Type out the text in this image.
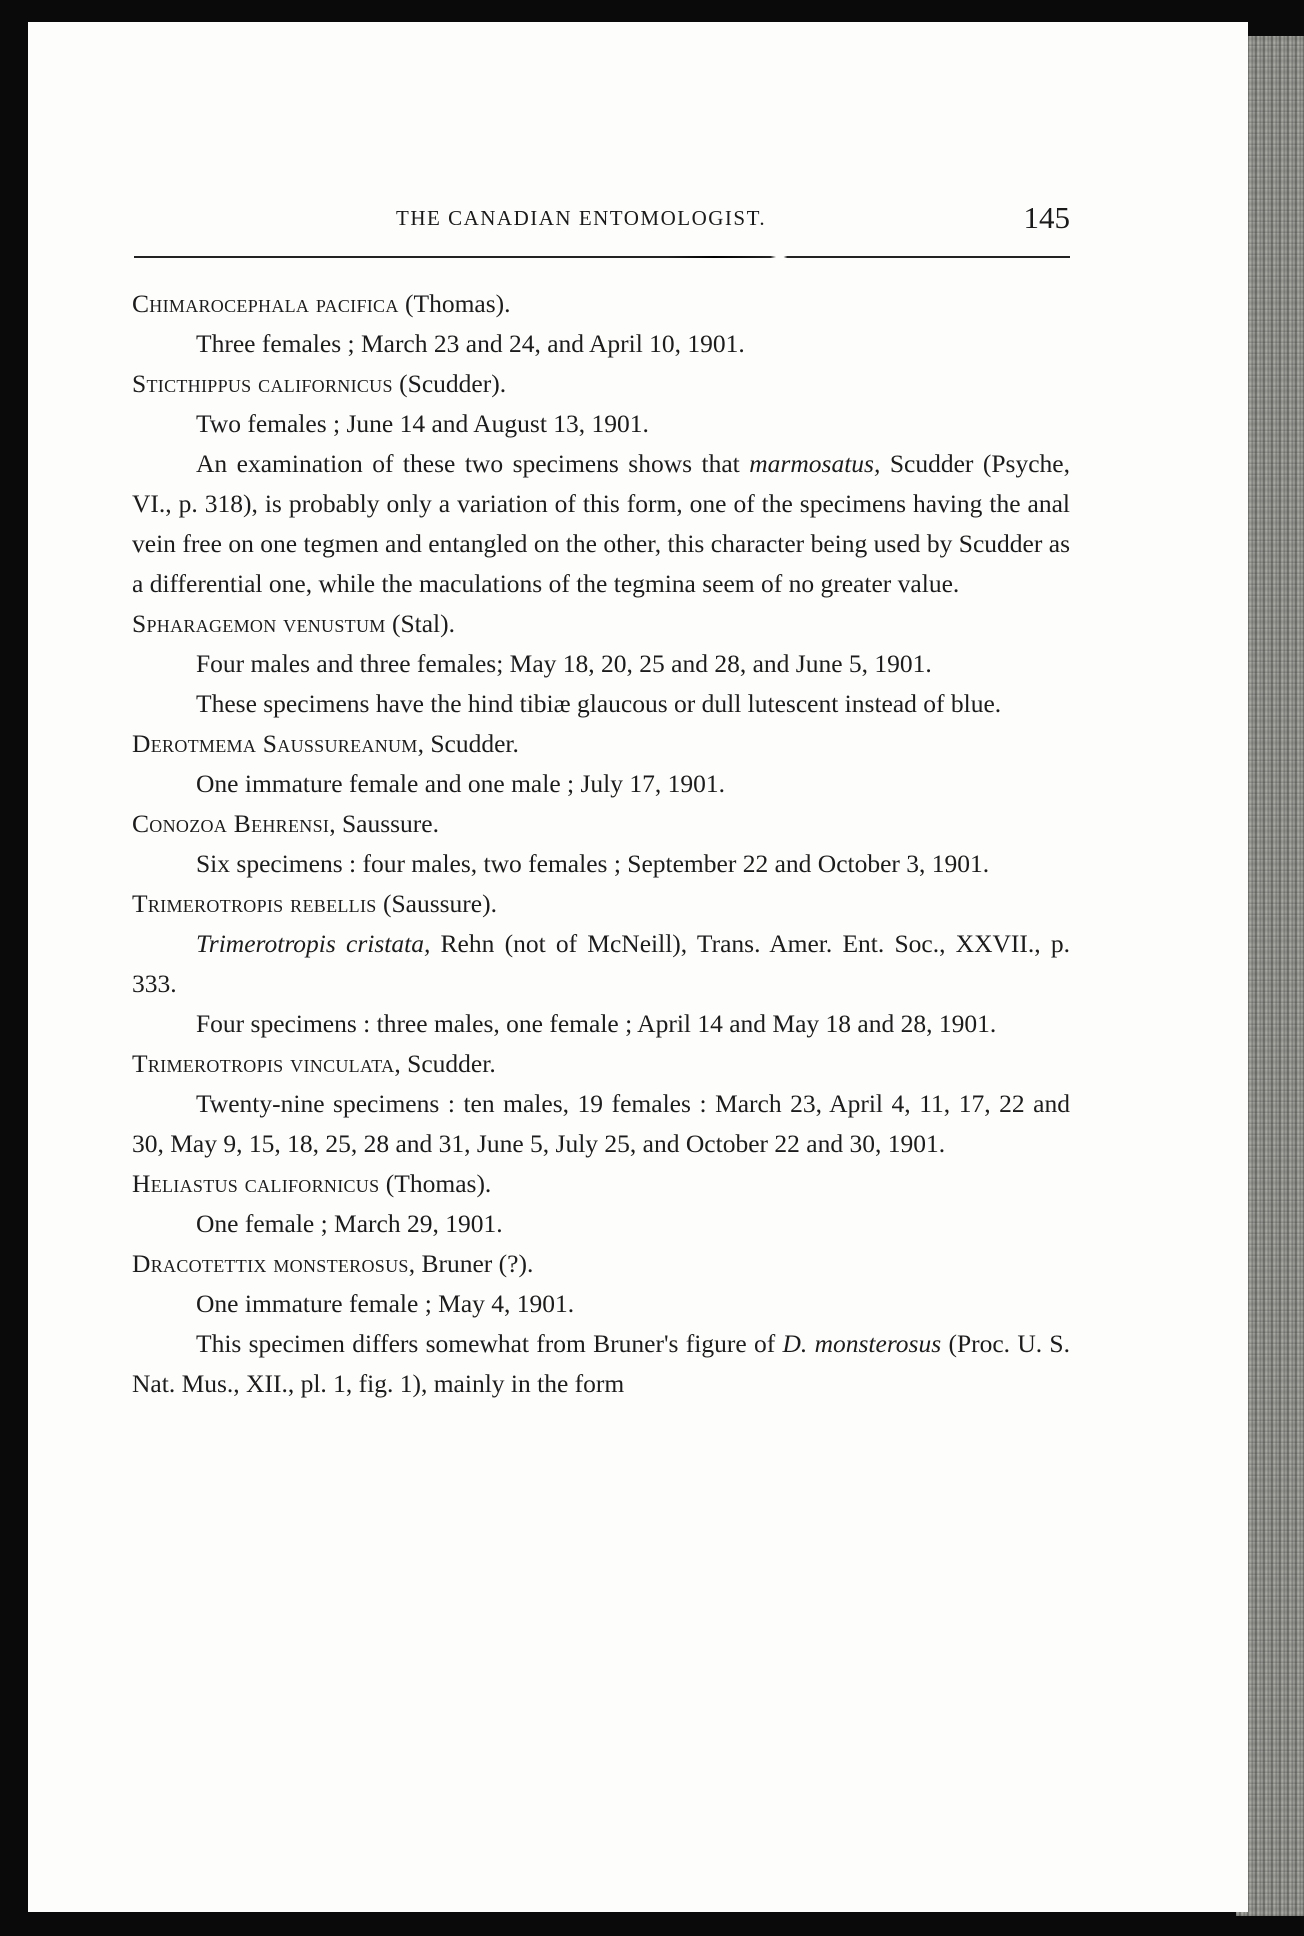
THE CANADIAN ENTOMOLOGIST.	145

Chimarocephala pacifica (Thomas).

Three females ; March 23 and 24, and April 10, 1901.

Sticthippus californicus (Scudder).

Two females ; June 14 and August 13, 1901.

An examination of these two specimens shows that marmosatus, Scudder (Psyche, VI., p. 318), is probably only a variation of this form, one of the specimens having the anal vein free on one tegmen and entangled on the other, this character being used by Scudder as a differential one, while the maculations of the tegmina seem of no greater value.

Spharagemon venustum (Stal).

Four males and three females; May 18, 20, 25 and 28, and June 5, 1901.

These specimens have the hind tibiæ glaucous or dull lutescent instead of blue.

Derotmema Saussureanum, Scudder.

One immature female and one male ; July 17, 1901.

Conozoa Behrensi, Saussure.

Six specimens : four males, two females ; September 22 and October 3, 1901.

Trimerotropis rebellis (Saussure).

Trimerotropis cristata, Rehn (not of McNeill), Trans. Amer. Ent. Soc., XXVII., p. 333.

Four specimens : three males, one female ; April 14 and May 18 and 28, 1901.

Trimerotropis vinculata, Scudder.

Twenty-nine specimens : ten males, 19 females : March 23, April 4, 11, 17, 22 and 30, May 9, 15, 18, 25, 28 and 31, June 5, July 25, and October 22 and 30, 1901.

Heliastus californicus (Thomas).

One female ; March 29, 1901.

Dracotettix monsterosus, Bruner (?).

One immature female ; May 4, 1901.

This specimen differs somewhat from Bruner's figure of D. monsterosus (Proc. U. S. Nat. Mus., XII., pl. 1, fig. 1), mainly in the form
